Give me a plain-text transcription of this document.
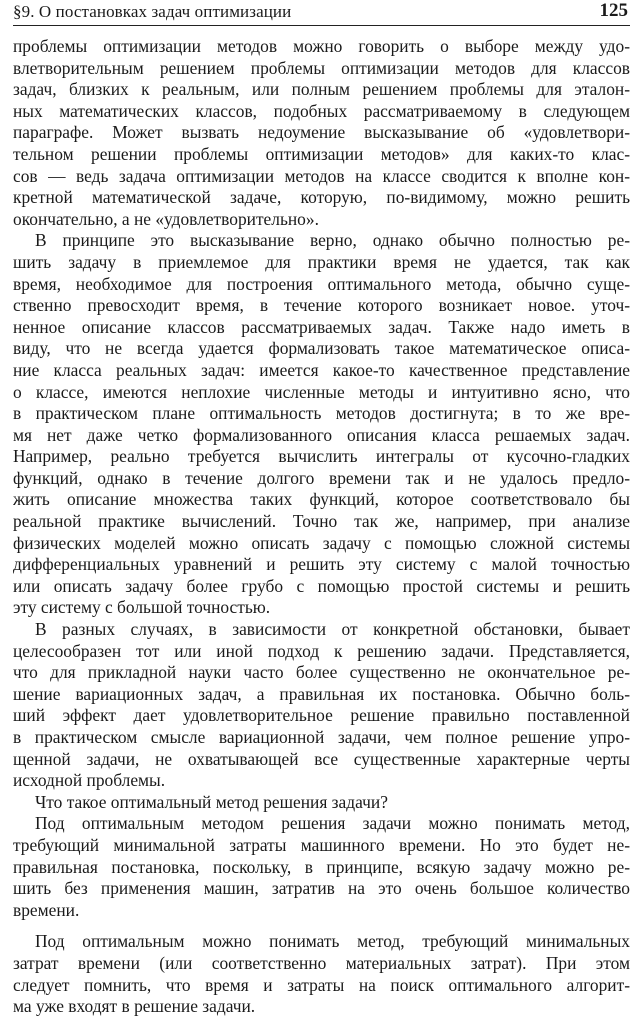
§9. О постановках задач оптимизации	125
проблемы оптимизации методов можно говорить о выборе между удо-
влетворительным решением проблемы оптимизации методов для классов
задач, близких к реальным, или полным решением проблемы для эталон-
ных математических классов, подобных рассматриваемому в следующем
параграфе. Может вызвать недоумение высказывание об «удовлетвори-
тельном решении проблемы оптимизации методов» для каких-то клас-
сов — ведь задача оптимизации методов на классе сводится к вполне кон-
кретной математической задаче, которую, по-видимому, можно решить
окончательно, а не «удовлетворительно».
В принципе это высказывание верно, однако обычно полностью ре-
шить задачу в приемлемое для практики время не удается, так как
время, необходимое для построения оптимального метода, обычно суще-
ственно превосходит время, в течение которого возникает новое. уточ-
ненное описание классов рассматриваемых задач. Также надо иметь в
виду, что не всегда удается формализовать такое математическое описа-
ние класса реальных задач: имеется какое-то качественное представление
о классе, имеются неплохие численные методы и интуитивно ясно, что
в практическом плане оптимальность методов достигнута; в то же вре-
мя нет даже четко формализованного описания класса решаемых задач.
Например, реально требуется вычислить интегралы от кусочно-гладких
функций, однако в течение долгого времени так и не удалось предло-
жить описание множества таких функций, которое соответствовало бы
реальной практике вычислений. Точно так же, например, при анализе
физических моделей можно описать задачу с помощью сложной системы
дифференциальных уравнений и решить эту систему с малой точностью
или описать задачу более грубо с помощью простой системы и решить
эту систему с большой точностью.
В разных случаях, в зависимости от конкретной обстановки, бывает
целесообразен тот или иной подход к решению задачи. Представляется,
что для прикладной науки часто более существенно не окончательное ре-
шение вариационных задач, а правильная их постановка. Обычно боль-
ший эффект дает удовлетворительное решение правильно поставленной
в практическом смысле вариационной задачи, чем полное решение упро-
щенной задачи, не охватывающей все существенные характерные черты
исходной проблемы.
Что такое оптимальный метод решения задачи?
Под оптимальным методом решения задачи можно понимать метод,
требующий минимальной затраты машинного времени. Но это будет не-
правильная постановка, поскольку, в принципе, всякую задачу можно ре-
шить без применения машин, затратив на это очень большое количество
времени.
Под оптимальным можно понимать метод, требующий минимальных
затрат времени (или соответственно материальных затрат). При этом
следует помнить, что время и затраты на поиск оптимального алгорит-
ма уже входят в решение задачи.
